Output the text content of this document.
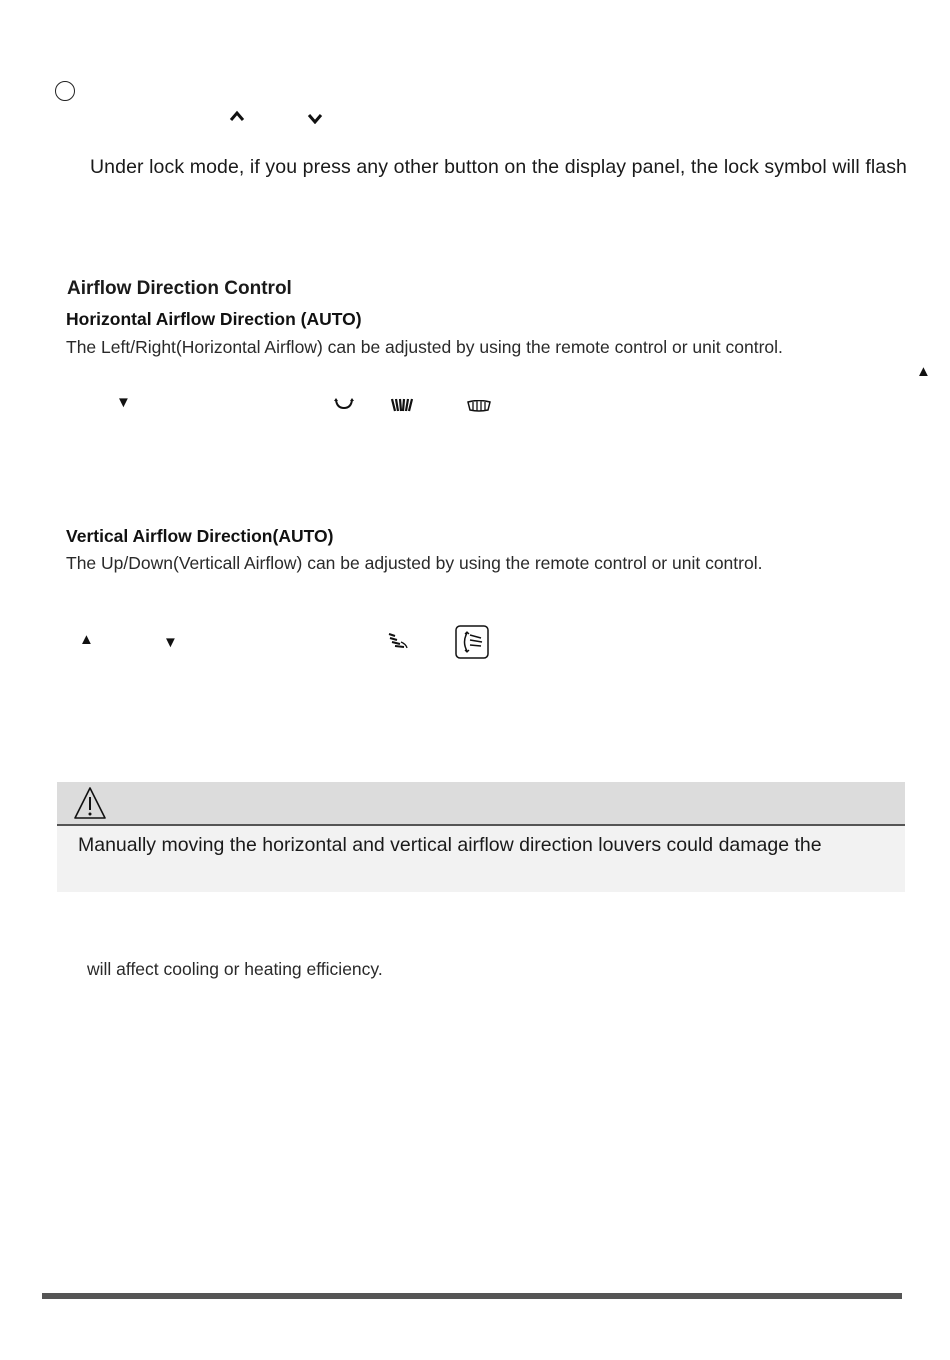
Under lock mode, if you press any other button on the display panel, the lock symbol will flash
Airflow Direction Control
Horizontal Airflow Direction (AUTO)
The Left/Right(Horizontal Airflow) can be adjusted by using the remote control or unit control.
▲
▼
Vertical Airflow Direction(AUTO)
The Up/Down(Verticall Airflow) can be adjusted by using the remote control or unit control.
▲	▼
Manually moving the horizontal and vertical airflow direction louvers could damage the
will affect cooling or heating efficiency.
